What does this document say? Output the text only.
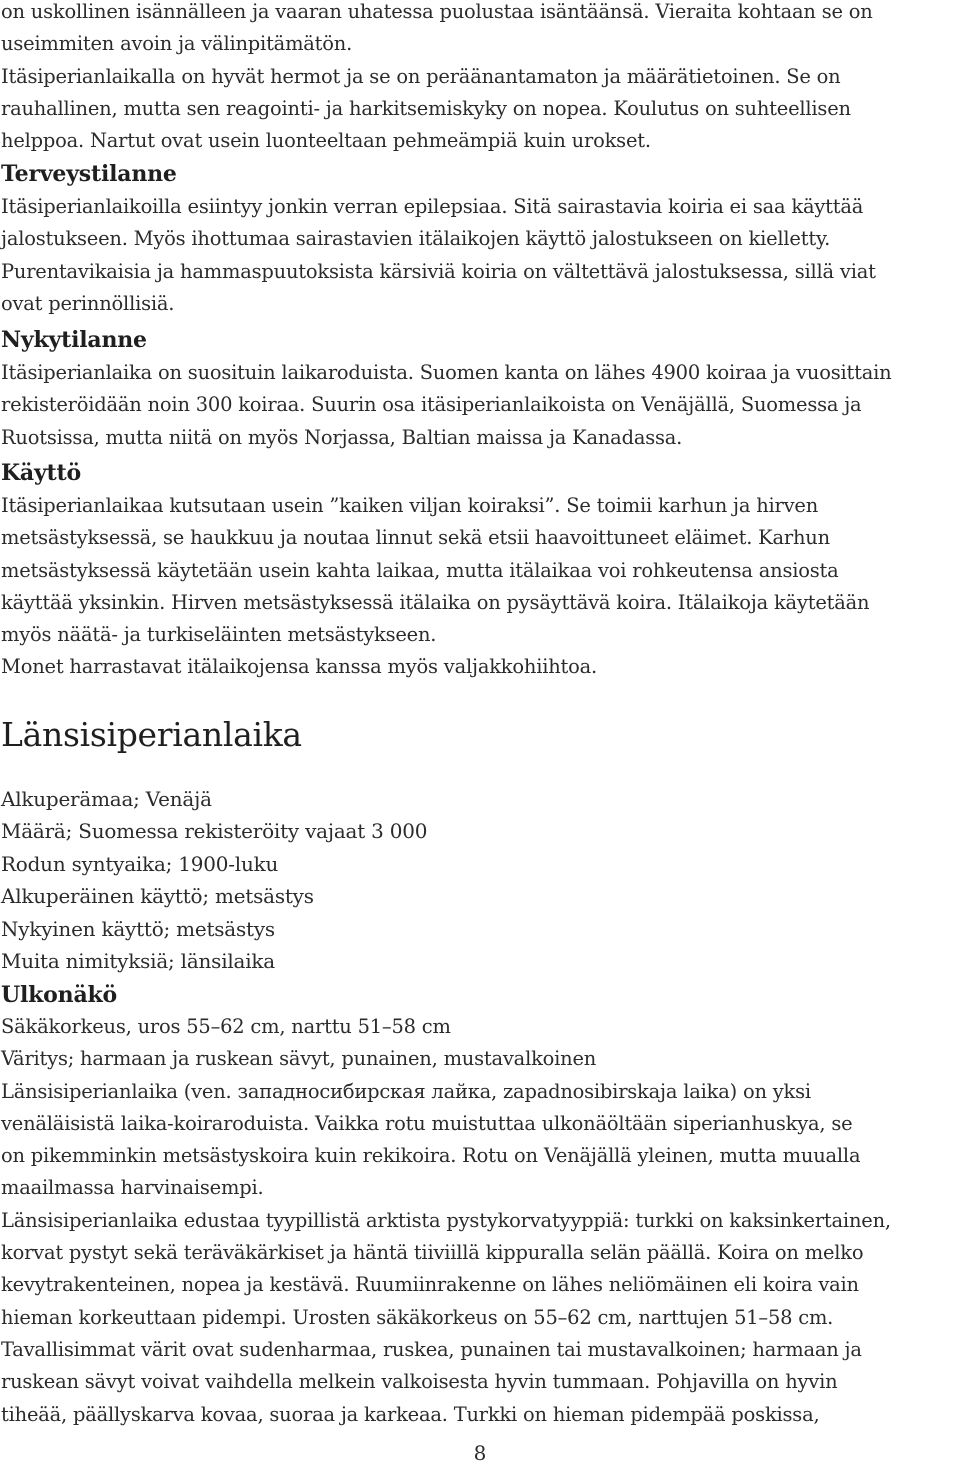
on uskollinen isännälleen ja vaaran uhatessa puolustaa isäntäänsä. Vieraita kohtaan se on
useimmiten avoin ja välinpitämätön.
Itäsiperianlaikalla on hyvät hermot ja se on peräänantamaton ja määrätietoinen. Se on
rauhallinen, mutta sen reagointi- ja harkitsemiskyky on nopea. Koulutus on suhteellisen
helppoa. Nartut ovat usein luonteeltaan pehmeämpiä kuin urokset.
Terveystilanne
Itäsiperianlaikoilla esiintyy jonkin verran epilepsiaa. Sitä sairastavia koiria ei saa käyttää
jalostukseen. Myös ihottumaa sairastavien itälaikojen käyttö jalostukseen on kielletty.
Purentavikaisia ja hammaspuutoksista kärsiviä koiria on vältettävä jalostuksessa, sillä viat
ovat perinnöllisiä.
Nykytilanne
Itäsiperianlaika on suosituin laikaroduista. Suomen kanta on lähes 4900 koiraa ja vuosittain
rekisteröidään noin 300 koiraa. Suurin osa itäsiperianlaikoista on Venäjällä, Suomessa ja
Ruotsissa, mutta niitä on myös Norjassa, Baltian maissa ja Kanadassa.
Käyttö
Itäsiperianlaikaa kutsutaan usein ”kaiken viljan koiraksi”. Se toimii karhun ja hirven
metsästyksessä, se haukkuu ja noutaa linnut sekä etsii haavoittuneet eläimet. Karhun
metsästyksessä käytetään usein kahta laikaa, mutta itälaikaa voi rohkeutensa ansiosta
käyttää yksinkin. Hirven metsästyksessä itälaika on pysäyttävä koira. Itälaikoja käytetään
myös näätä- ja turkiseläinten metsästykseen.
Monet harrastavat itälaikojensa kanssa myös valjakkohiihtoa.
Länsisiperianlaika
Alkuperämaa; Venäjä
Määrä; Suomessa rekisteröity vajaat 3 000
Rodun syntyaika; 1900-luku
Alkuperäinen käyttö; metsästys
Nykyinen käyttö; metsästys
Muita nimityksiä; länsilaika
Ulkonäkö
Säkäkorkeus, uros 55–62 cm, narttu 51–58 cm
Väritys; harmaan ja ruskean sävyt, punainen, mustavalkoinen
Länsisiperianlaika (ven. западносибирская лайка, zapadnosibirskaja laika) on yksi
venäläisistä laika-koiraroduista. Vaikka rotu muistuttaa ulkonäöltään siperianhuskya, se
on pikemminkin metsästyskoira kuin rekikoira. Rotu on Venäjällä yleinen, mutta muualla
maailmassa harvinaisempi.
Länsisiperianlaika edustaa tyypillistä arktista pystykorvatyyppiä: turkki on kaksinkertainen,
korvat pystyt sekä teräväkärkiset ja häntä tiiviillä kippuralla selän päällä. Koira on melko
kevytrakenteinen, nopea ja kestävä. Ruumiinrakenne on lähes neliömäinen eli koira vain
hieman korkeuttaan pidempi. Urosten säkäkorkeus on 55–62 cm, narttujen 51–58 cm.
Tavallisimmat värit ovat sudenharmaa, ruskea, punainen tai mustavalkoinen; harmaan ja
ruskean sävyt voivat vaihdella melkein valkoisesta hyvin tummaan. Pohjavilla on hyvin
tiheää, päällyskarva kovaa, suoraa ja karkeaa. Turkki on hieman pidempää poskissa,
8
